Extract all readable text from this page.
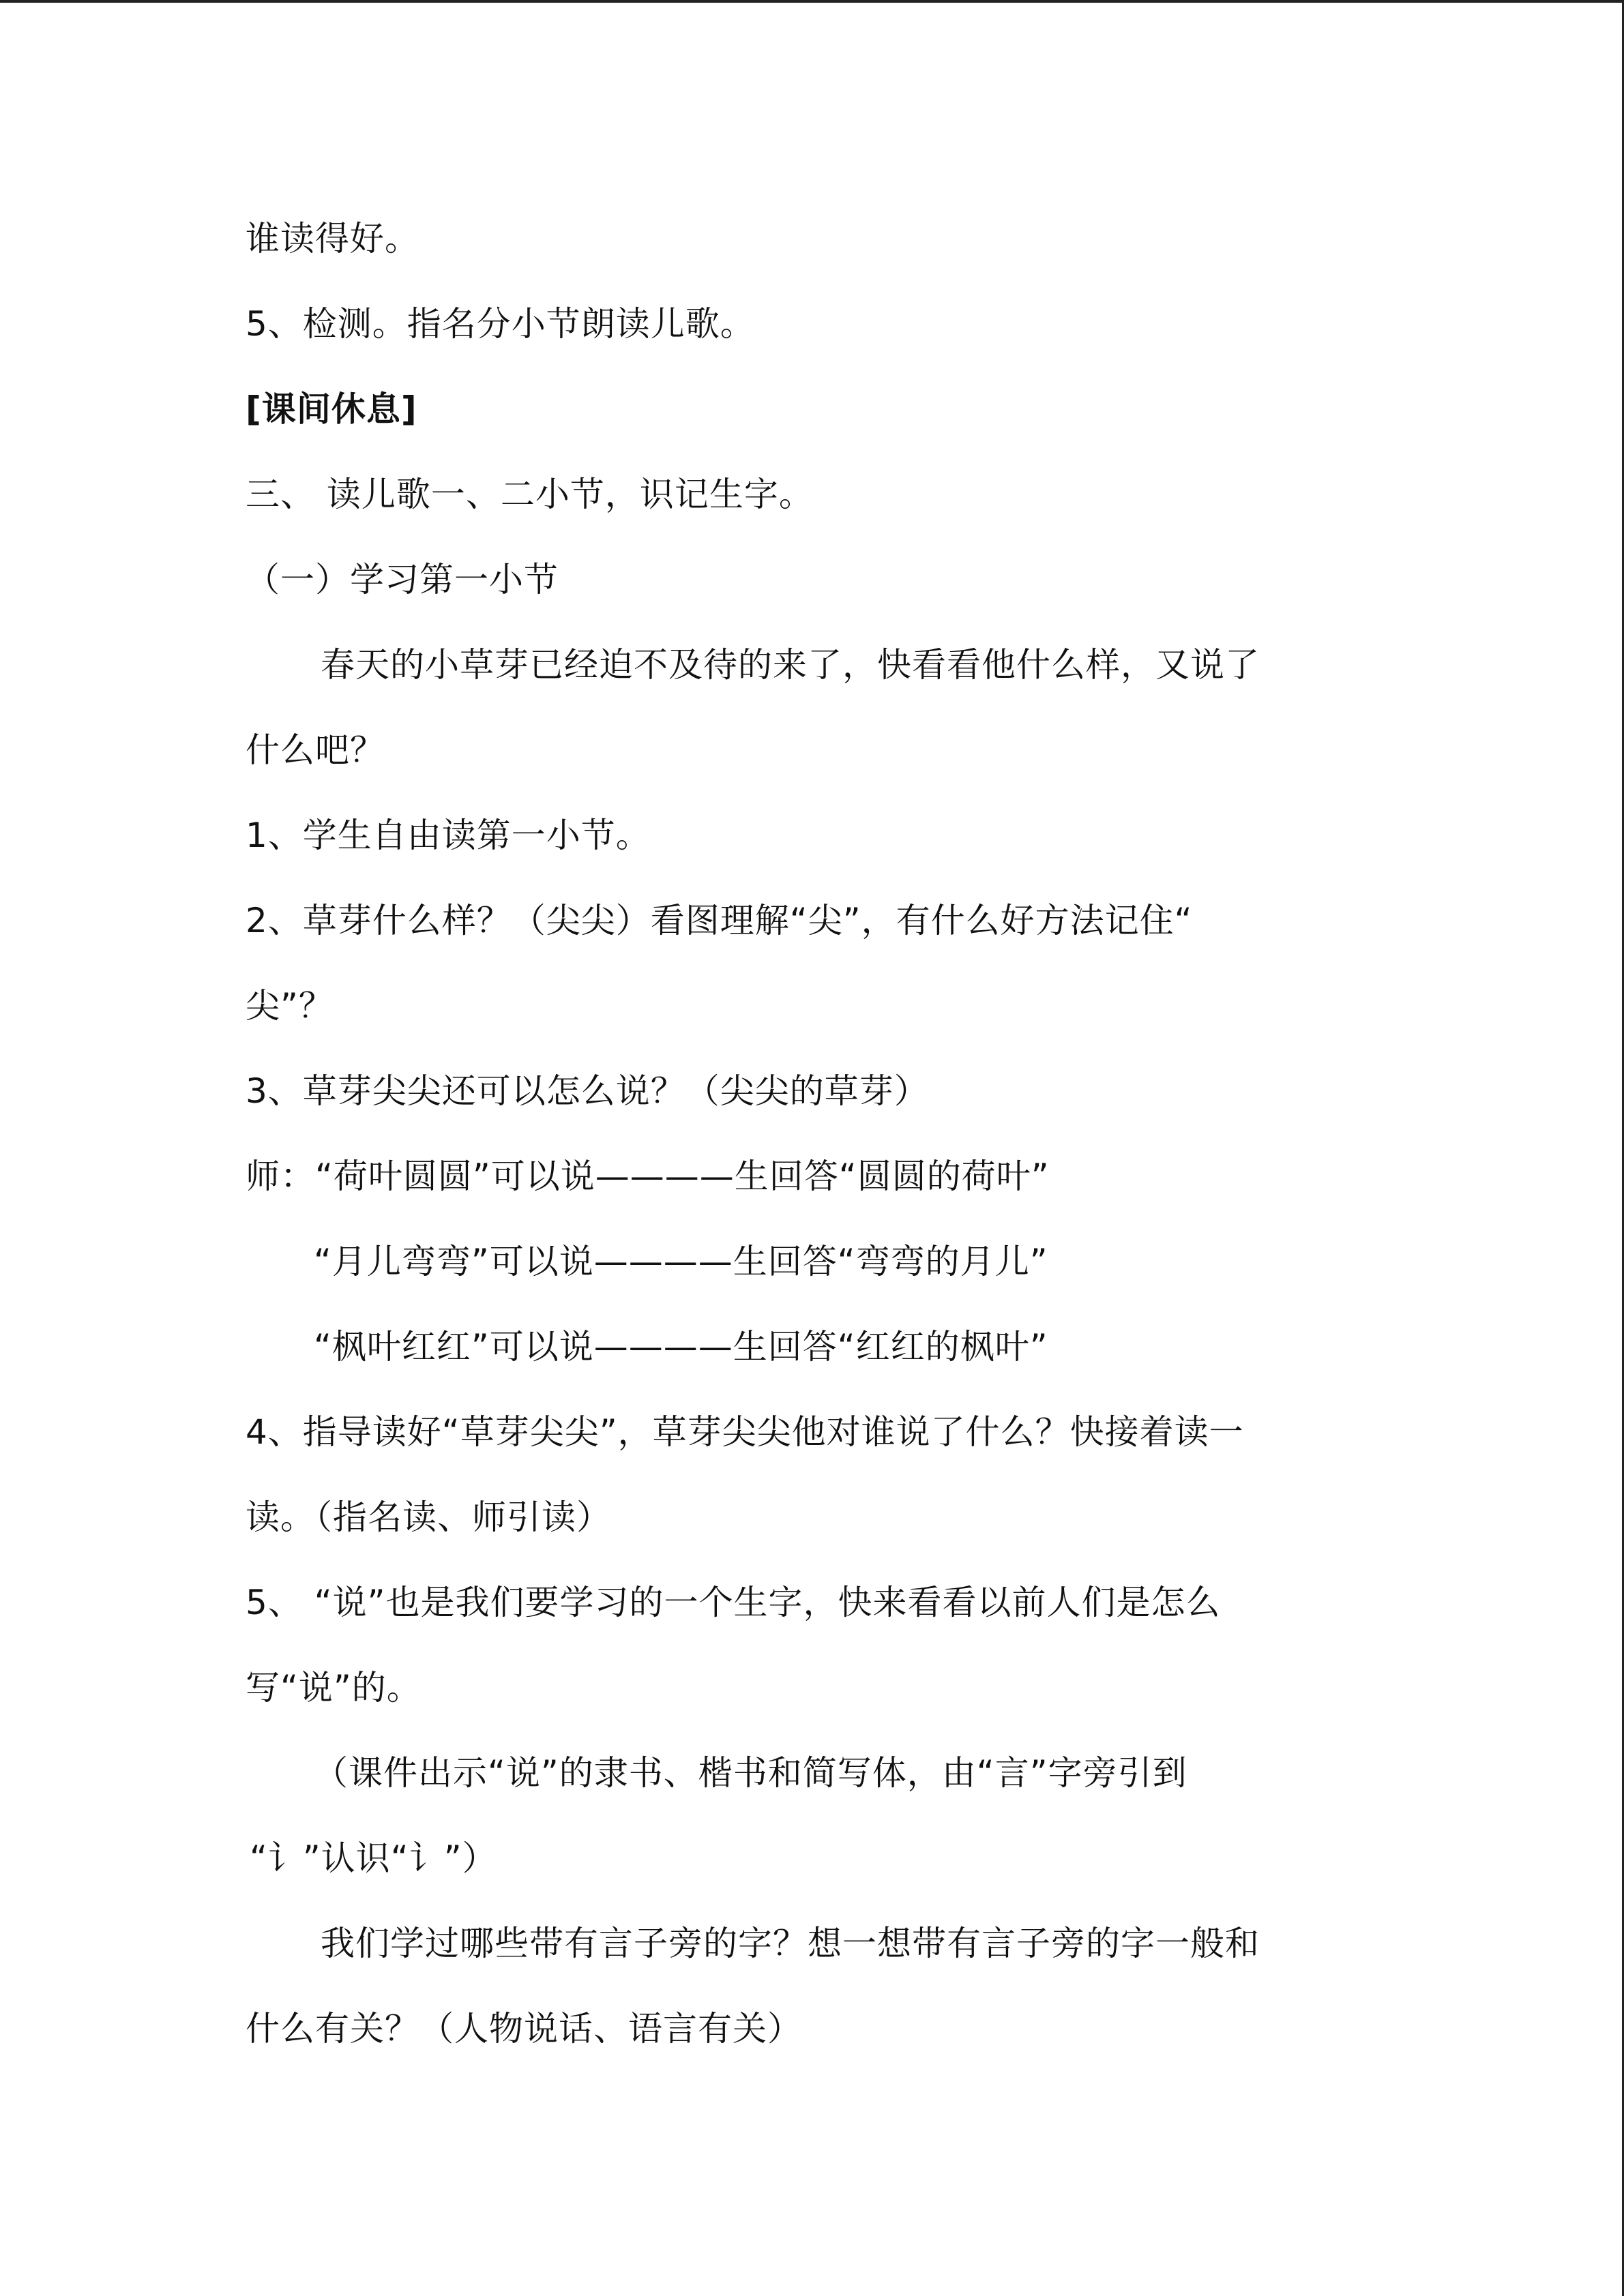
谁读得好。
5、检测。指名分小节朗读儿歌。
[课间休息]
三、 读儿歌一、二小节，识记生字。
（一）学习第一小节
春天的小草芽已经迫不及待的来了，快看看他什么样，又说了
什么吧？
1、学生自由读第一小节。
2、草芽什么样？（尖尖）看图理解“尖”，有什么好方法记住“
尖”？
3、草芽尖尖还可以怎么说？（尖尖的草芽）
师：“荷叶圆圆”可以说————生回答“圆圆的荷叶”
“月儿弯弯”可以说————生回答“弯弯的月儿”
“枫叶红红”可以说————生回答“红红的枫叶”
4、指导读好“草芽尖尖”，草芽尖尖他对谁说了什么？快接着读一
读。（指名读、师引读）
5、 “说”也是我们要学习的一个生字，快来看看以前人们是怎么
写“说”的。
（课件出示“说”的隶书、楷书和简写体，由“言”字旁引到
“讠”认识“讠”）
我们学过哪些带有言子旁的字？想一想带有言子旁的字一般和
什么有关？（人物说话、语言有关）
